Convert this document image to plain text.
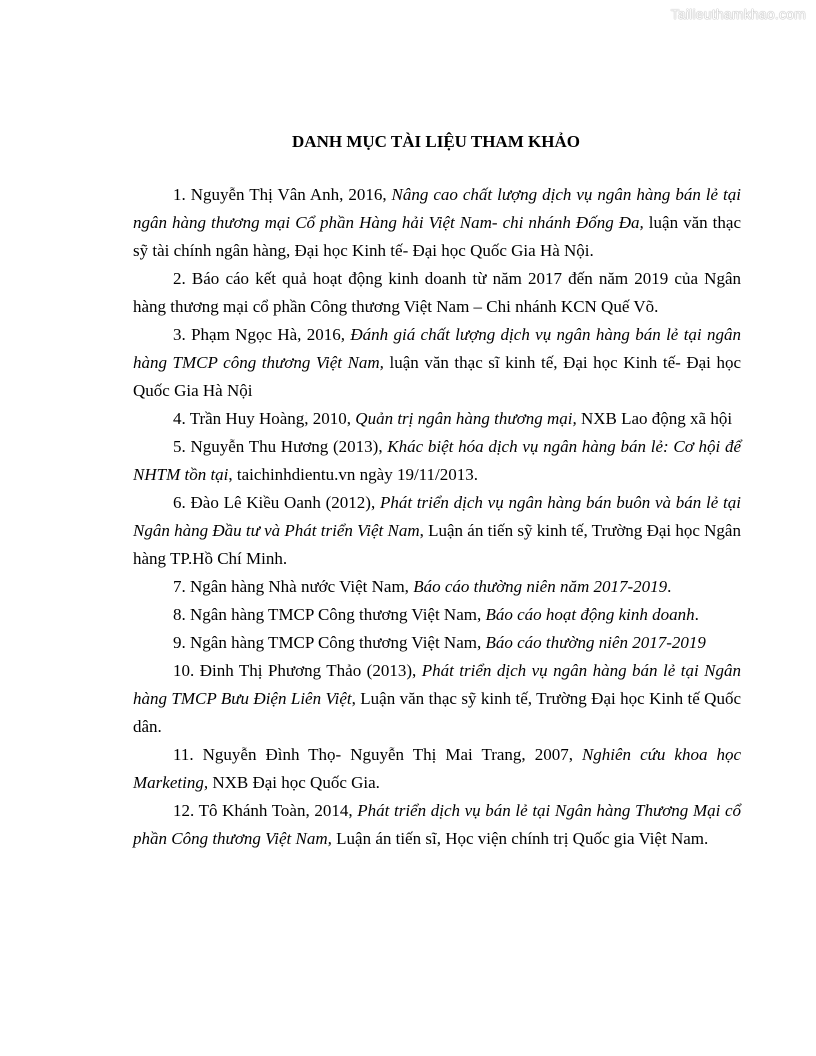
Tailieuthamkhao.com
DANH MỤC TÀI LIỆU THAM KHẢO

1. Nguyễn Thị Vân Anh, 2016, Nâng cao chất lượng dịch vụ ngân hàng bán lẻ tại ngân hàng thương mại Cổ phần Hàng hải Việt Nam- chi nhánh Đống Đa, luận văn thạc sỹ tài chính ngân hàng, Đại học Kinh tế- Đại học Quốc Gia Hà Nội.

2. Báo cáo kết quả hoạt động kinh doanh từ năm 2017 đến năm 2019 của Ngân hàng thương mại cổ phần Công thương Việt Nam – Chi nhánh KCN Quế Võ.

3. Phạm Ngọc Hà, 2016, Đánh giá chất lượng dịch vụ ngân hàng bán lẻ tại ngân hàng TMCP công thương Việt Nam, luận văn thạc sĩ kinh tế, Đại học Kinh tế- Đại học Quốc Gia Hà Nội

4. Trần Huy Hoàng, 2010, Quản trị ngân hàng thương mại, NXB Lao động xã hội

5. Nguyễn Thu Hương (2013), Khác biệt hóa dịch vụ ngân hàng bán lẻ: Cơ hội để NHTM tồn tại, taichinhdientu.vn ngày 19/11/2013.

6. Đào Lê Kiều Oanh (2012), Phát triển dịch vụ ngân hàng bán buôn và bán lẻ tại Ngân hàng Đầu tư và Phát triển Việt Nam, Luận án tiến sỹ kinh tế, Trường Đại học Ngân hàng TP.Hồ Chí Minh.

7. Ngân hàng Nhà nước Việt Nam, Báo cáo thường niên năm 2017-2019.

8. Ngân hàng TMCP Công thương Việt Nam, Báo cáo hoạt động kinh doanh.

9. Ngân hàng TMCP Công thương Việt Nam, Báo cáo thường niên 2017-2019

10. Đinh Thị Phương Thảo (2013), Phát triển dịch vụ ngân hàng bán lẻ tại Ngân hàng TMCP Bưu Điện Liên Việt, Luận văn thạc sỹ kinh tế, Trường Đại học Kinh tế Quốc dân.

11. Nguyễn Đình Thọ- Nguyễn Thị Mai Trang, 2007, Nghiên cứu khoa học Marketing, NXB Đại học Quốc Gia.

12. Tô Khánh Toàn, 2014, Phát triển dịch vụ bán lẻ tại Ngân hàng Thương Mại cổ phần Công thương Việt Nam, Luận án tiến sĩ, Học viện chính trị Quốc gia Việt Nam.
